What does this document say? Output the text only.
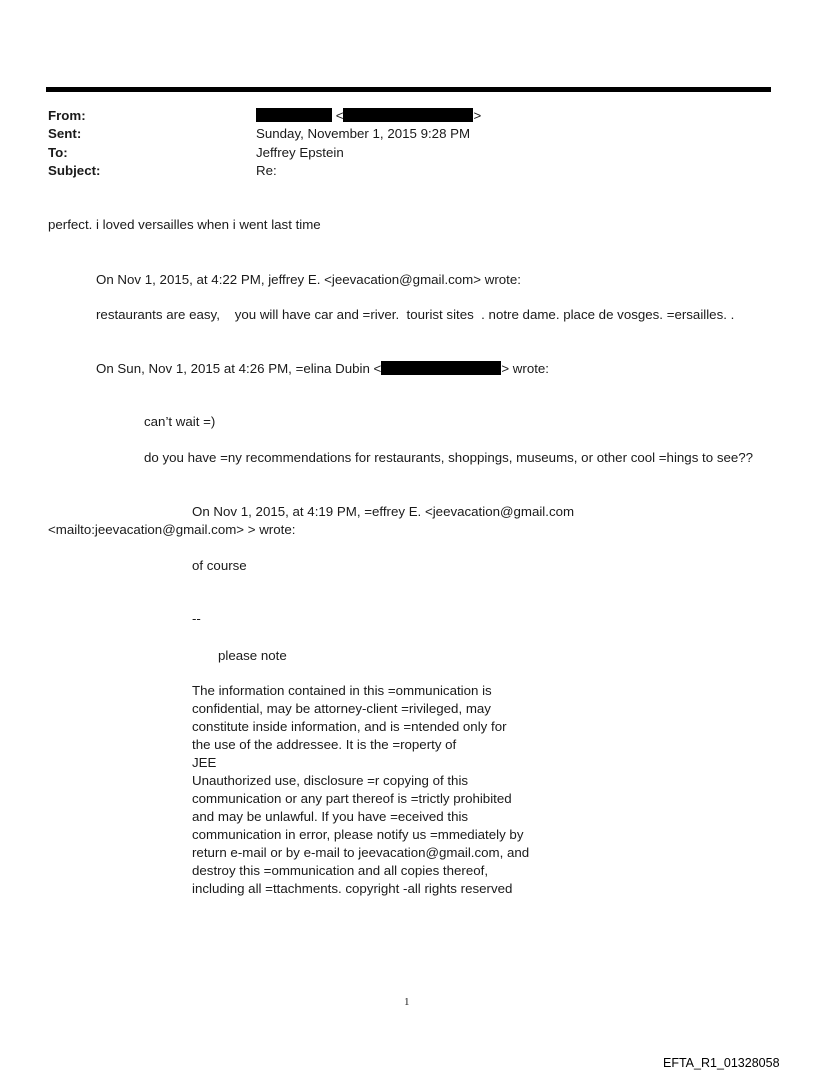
From:	<	>
Sent:	Sunday, November 1, 2015 9:28 PM
To:	Jeffrey Epstein
Subject:	Re:
perfect. i loved versailles when i went last time
On Nov 1, 2015, at 4:22 PM, jeffrey E. <jeevacation@gmail.com> wrote:
restaurants are easy,    you will have car and =river.  tourist sites  . notre dame. place de vosges. =ersailles. .
On Sun, Nov 1, 2015 at 4:26 PM, =elina Dubin <	> wrote:
can’t wait =)
do you have =ny recommendations for restaurants, shoppings, museums, or other cool =hings to see??
On Nov 1, 2015, at 4:19 PM, =effrey E. <jeevacation@gmail.com
<mailto:jeevacation@gmail.com> > wrote:
of course
--
please note
The information contained in this =ommunication is
confidential, may be attorney-client =rivileged, may
constitute inside information, and is =ntended only for
the use of the addressee. It is the =roperty of
JEE
Unauthorized use, disclosure =r copying of this
communication or any part thereof is =trictly prohibited
and may be unlawful. If you have =eceived this
communication in error, please notify us =mmediately by
return e-mail or by e-mail to jeevacation@gmail.com, and
destroy this =ommunication and all copies thereof,
including all =ttachments. copyright -all rights reserved
1
EFTA_R1_01328058
